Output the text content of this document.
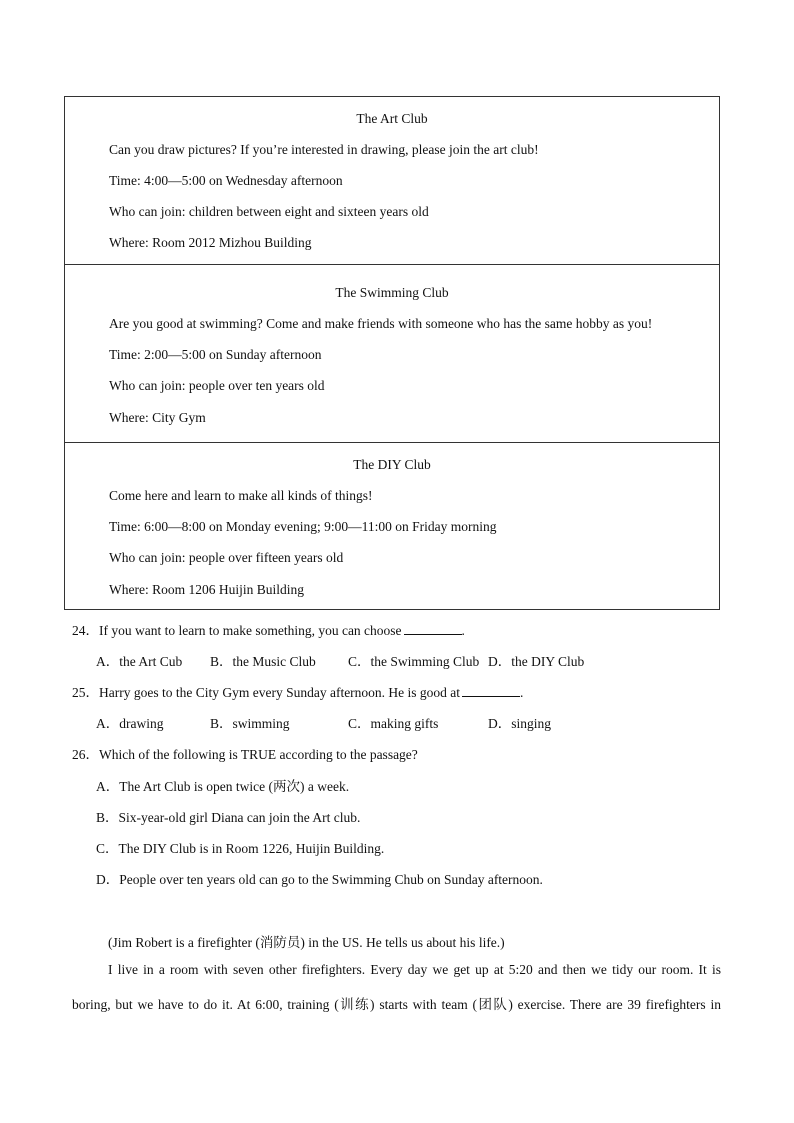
The Art Club
Can you draw pictures? If you’re interested in drawing, please join the art club!
Time: 4:00—5:00 on Wednesday afternoon
Who can join: children between eight and sixteen years old
Where: Room 2012 Mizhou Building
The Swimming Club
Are you good at swimming? Come and make friends with someone who has the same hobby as you!
Time: 2:00—5:00 on Sunday afternoon
Who can join: people over ten years old
Where: City Gym
The DIY Club
Come here and learn to make all kinds of things!
Time: 6:00—8:00 on Monday evening; 9:00—11:00 on Friday morning
Who can join: people over fifteen years old
Where: Room 1206 Huijin Building
24．If you want to learn to make something, you can choose	.
A．the Art Cub B．the Music Club C．the Swimming Club D．the DIY Club
25．Harry goes to the City Gym every Sunday afternoon. He is good at	.
A．drawing	B．swimming	C．making gifts	D．singing
26．Which of the following is TRUE according to the passage?
A．The Art Club is open twice (两次) a week.
B．Six-year-old girl Diana can join the Art club.
C．The DIY Club is in Room 1226, Huijin Building.
D．People over ten years old can go to the Swimming Chub on Sunday afternoon.
(Jim Robert is a firefighter (消防员) in the US. He tells us about his life.)
I live in a room with seven other firefighters. Every day we get up at 5:20 and then we tidy our room. It is
boring, but we have to do it. At 6:00, training (训练) starts with team (团队) exercise. There are 39 firefighters in
